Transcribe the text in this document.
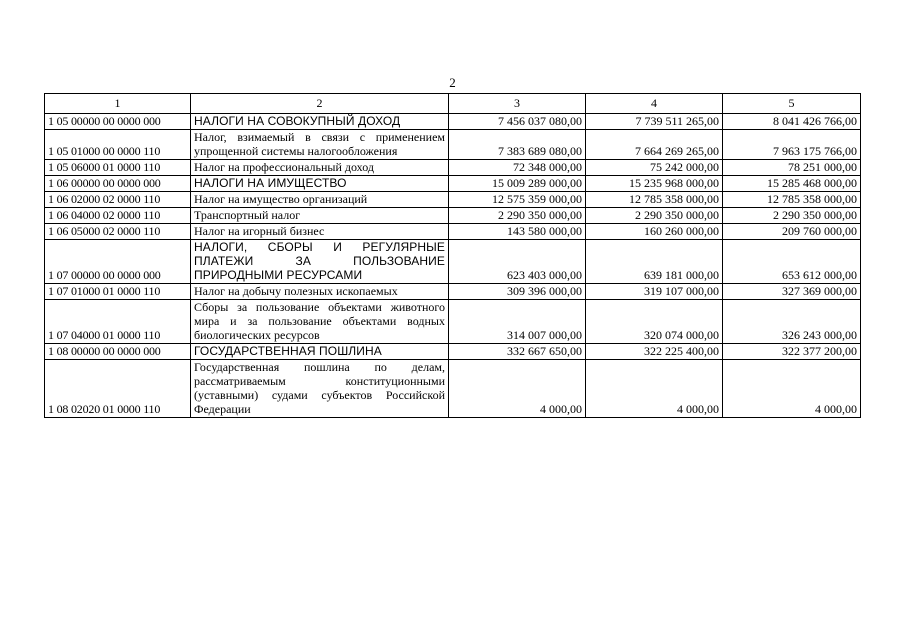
2
1	2	3	4	5
1 05 00000 00 0000 000	НАЛОГИ НА СОВОКУПНЫЙ ДОХОД	7 456 037 080,00	7 739 511 265,00	8 041 426 766,00
1 05 01000 00 0000 110	Налог, взимаемый в связи с применением упрощенной системы налогообложения	7 383 689 080,00	7 664 269 265,00	7 963 175 766,00
1 05 06000 01 0000 110	Налог на профессиональный доход	72 348 000,00	75 242 000,00	78 251 000,00
1 06 00000 00 0000 000	НАЛОГИ НА ИМУЩЕСТВО	15 009 289 000,00	15 235 968 000,00	15 285 468 000,00
1 06 02000 02 0000 110	Налог на имущество организаций	12 575 359 000,00	12 785 358 000,00	12 785 358 000,00
1 06 04000 02 0000 110	Транспортный налог	2 290 350 000,00	2 290 350 000,00	2 290 350 000,00
1 06 05000 02 0000 110	Налог на игорный бизнес	143 580 000,00	160 260 000,00	209 760 000,00
1 07 00000 00 0000 000	НАЛОГИ, СБОРЫ И РЕГУЛЯРНЫЕ ПЛАТЕЖИ ЗА ПОЛЬЗОВАНИЕ ПРИРОДНЫМИ РЕСУРСАМИ	623 403 000,00	639 181 000,00	653 612 000,00
1 07 01000 01 0000 110	Налог на добычу полезных ископаемых	309 396 000,00	319 107 000,00	327 369 000,00
1 07 04000 01 0000 110	Сборы за пользование объектами животного мира и за пользование объектами водных биологических ресурсов	314 007 000,00	320 074 000,00	326 243 000,00
1 08 00000 00 0000 000	ГОСУДАРСТВЕННАЯ ПОШЛИНА	332 667 650,00	322 225 400,00	322 377 200,00
1 08 02020 01 0000 110	Государственная пошлина по делам, рассматриваемым конституционными (уставными) судами субъектов Российской Федерации	4 000,00	4 000,00	4 000,00
